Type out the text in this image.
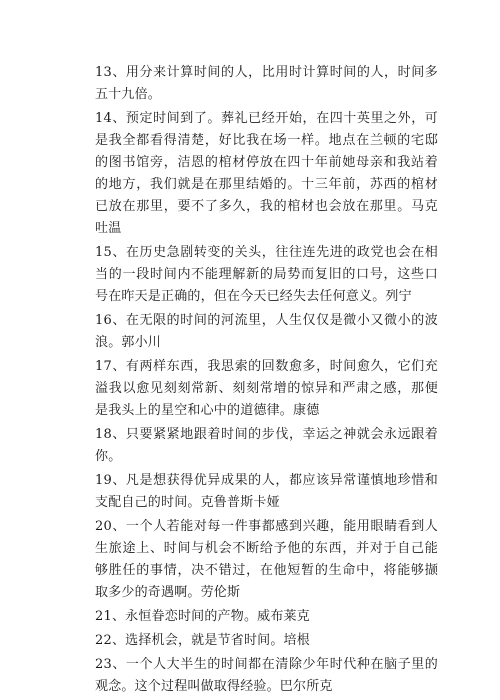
13、用分来计算时间的人，比用时计算时间的人，时间多五十九倍。

14、预定时间到了。葬礼已经开始，在四十英里之外，可是我全都看得清楚，好比我在场一样。地点在兰顿的宅邸的图书馆旁，洁恩的棺材停放在四十年前她母亲和我站着的地方，我们就是在那里结婚的。十三年前，苏西的棺材已放在那里，要不了多久，我的棺材也会放在那里。马克吐温

15、在历史急剧转变的关头，往往连先进的政党也会在相当的一段时间内不能理解新的局势而复旧的口号，这些口号在昨天是正确的，但在今天已经失去任何意义。列宁

16、在无限的时间的河流里，人生仅仅是微小又微小的波浪。郭小川

17、有两样东西，我思索的回数愈多，时间愈久，它们充溢我以愈见刻刻常新、刻刻常增的惊异和严肃之感，那便是我头上的星空和心中的道德律。康德

18、只要紧紧地跟着时间的步伐，幸运之神就会永远跟着你。

19、凡是想获得优异成果的人，都应该异常谨慎地珍惜和支配自己的时间。克鲁普斯卡娅

20、一个人若能对每一件事都感到兴趣，能用眼睛看到人生旅途上、时间与机会不断给予他的东西，并对于自己能够胜任的事情，决不错过，在他短暂的生命中，将能够撷取多少的奇遇啊。劳伦斯

21、永恒眷恋时间的产物。威布莱克

22、选择机会，就是节省时间。培根

23、一个人大半生的时间都在清除少年时代种在脑子里的观念。这个过程叫做取得经验。巴尔所克
